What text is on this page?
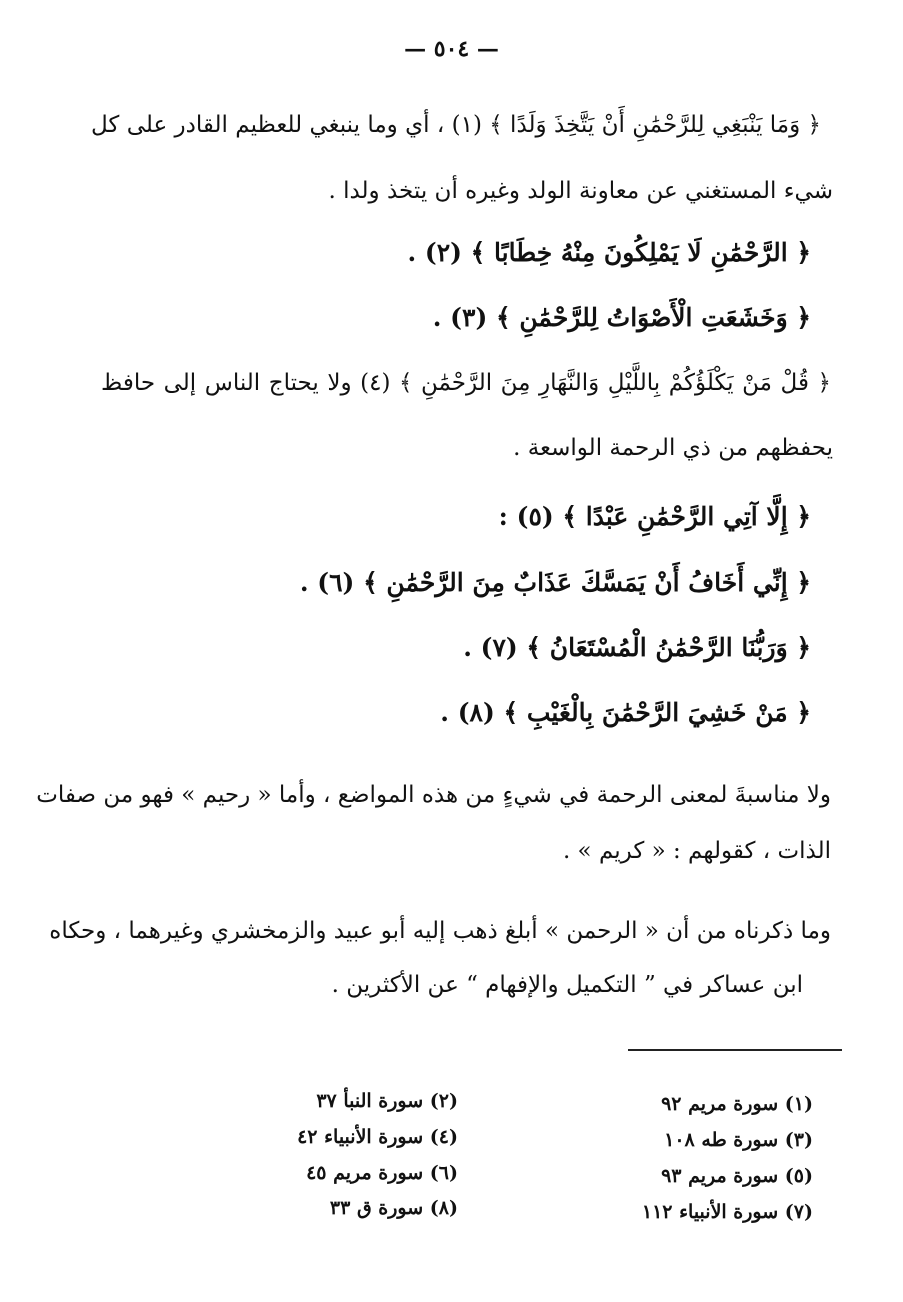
— ٥٠٤ —
﴿ وَمَا يَنْبَغِي لِلرَّحْمَٰنِ أَنْ يَتَّخِذَ وَلَدًا ﴾ (١) ، أي وما ينبغي للعظيم القادر على كل
شيء المستغني عن معاونة الولد وغيره أن يتخذ ولدا .
﴿ الرَّحْمَٰنِ لَا يَمْلِكُونَ مِنْهُ خِطَابًا ﴾ (٢) .
﴿ وَخَشَعَتِ الْأَصْوَاتُ لِلرَّحْمَٰنِ ﴾ (٣) .
﴿ قُلْ مَنْ يَكْلَؤُكُمْ بِاللَّيْلِ وَالنَّهَارِ مِنَ الرَّحْمَٰنِ ﴾ (٤) ولا يحتاج الناس إلى حافظ
يحفظهم من ذي الرحمة الواسعة .
﴿ إِلَّا آتِي الرَّحْمَٰنِ عَبْدًا ﴾ (٥) :
﴿ إِنِّي أَخَافُ أَنْ يَمَسَّكَ عَذَابٌ مِنَ الرَّحْمَٰنِ ﴾ (٦) .
﴿ وَرَبُّنَا الرَّحْمَٰنُ الْمُسْتَعَانُ ﴾ (٧) .
﴿ مَنْ خَشِيَ الرَّحْمَٰنَ بِالْغَيْبِ ﴾ (٨) .
ولا مناسبةَ لمعنى الرحمة في شيءٍ من هذه المواضع ، وأما « رحيم » فهو من صفات
الذات ، كقولهم : « كريم » .
وما ذكرناه من أن « الرحمن » أبلغ ذهب إليه أبو عبيد والزمخشري وغيرهما ، وحكاه
ابن عساكر في ” التكميل والإفهام “ عن الأكثرين .
(١) سورة مريم ٩٢
(٢) سورة النبأ ٣٧
(٣) سورة طه ١٠٨
(٤) سورة الأنبياء ٤٢
(٥) سورة مريم ٩٣
(٦) سورة مريم ٤٥
(٧) سورة الأنبياء ١١٢
(٨) سورة ق ٣٣
